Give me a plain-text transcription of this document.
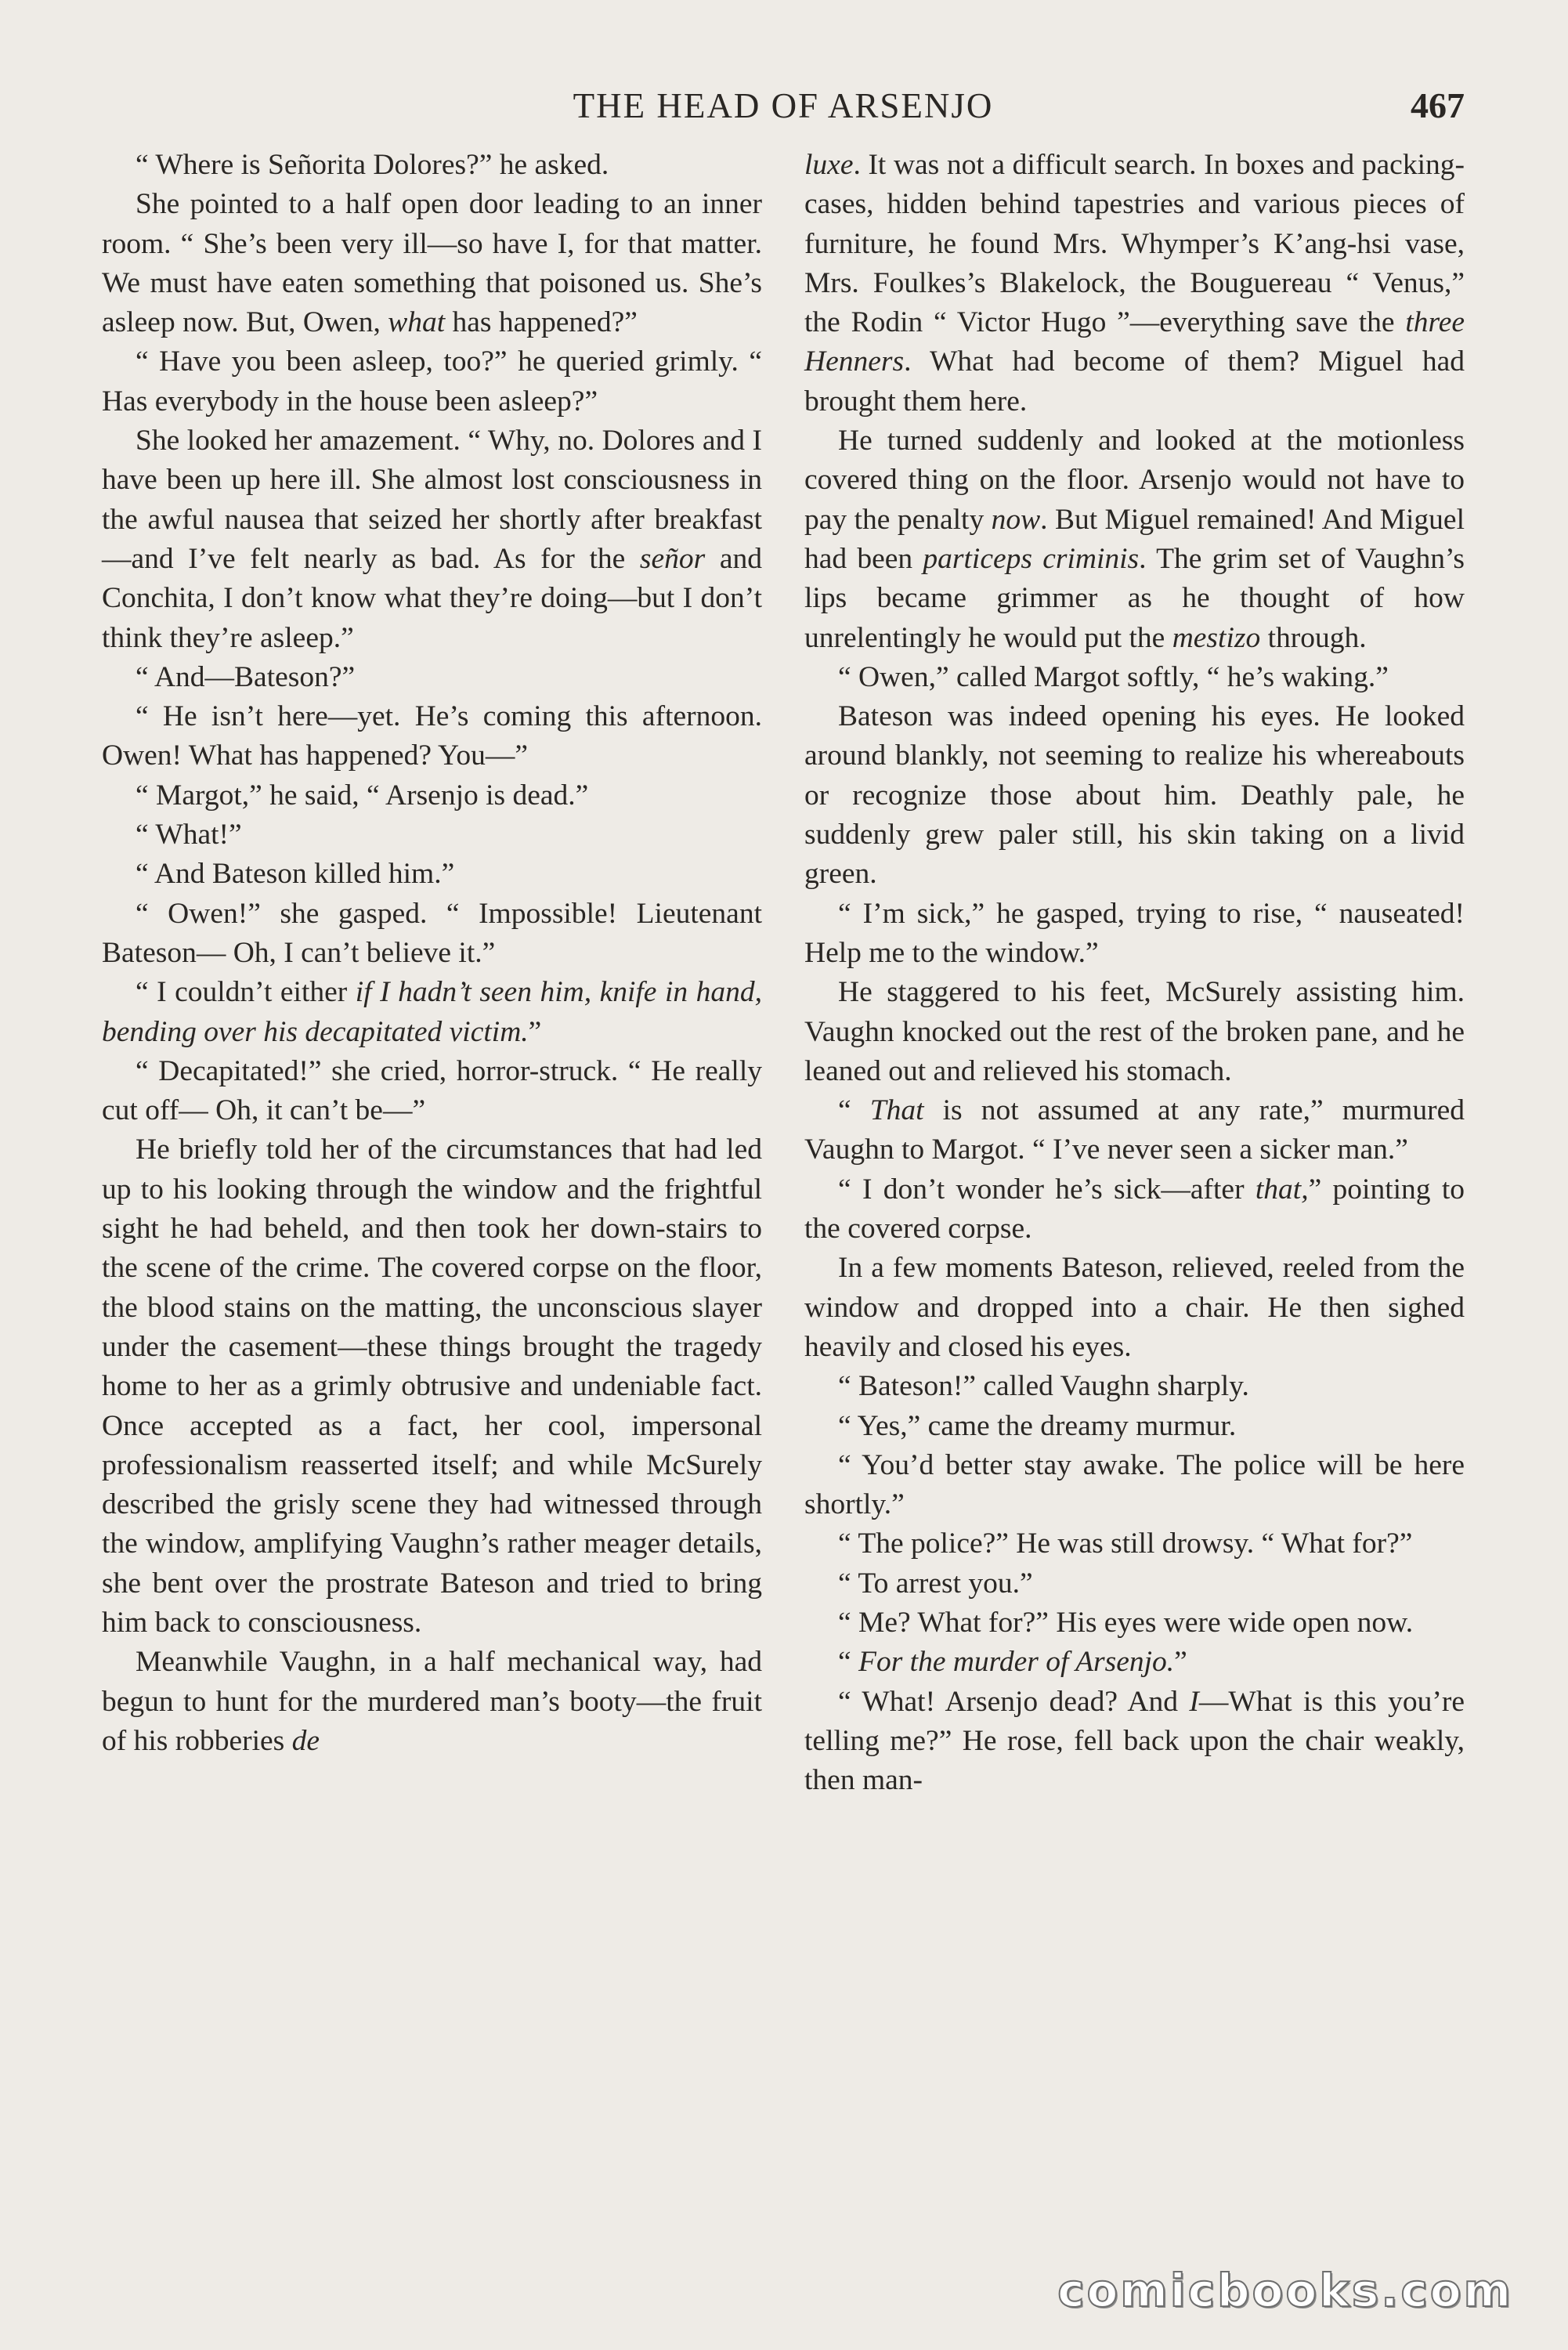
THE HEAD OF ARSENJO	467

“ Where is Señorita Dolores?” he asked.

She pointed to a half open door leading to an inner room. “ She’s been very ill—so have I, for that matter. We must have eaten something that poisoned us. She’s asleep now. But, Owen, what has happened?”

“ Have you been asleep, too?” he queried grimly. “ Has everybody in the house been asleep?”

She looked her amazement. “ Why, no. Dolores and I have been up here ill. She almost lost consciousness in the awful nausea that seized her shortly after breakfast —and I’ve felt nearly as bad. As for the señor and Conchita, I don’t know what they’re doing—but I don’t think they’re asleep.”

“ And—Bateson?”

“ He isn’t here—yet. He’s coming this afternoon. Owen! What has happened? You—”

“ Margot,” he said, “ Arsenjo is dead.”

“ What!”

“ And Bateson killed him.”

“ Owen!” she gasped. “ Impossible! Lieutenant Bateson— Oh, I can’t believe it.”

“ I couldn’t either if I hadn’t seen him, knife in hand, bending over his decapitated victim.”

“ Decapitated!” she cried, horror-struck. “ He really cut off— Oh, it can’t be—”

He briefly told her of the circumstances that had led up to his looking through the window and the frightful sight he had beheld, and then took her down-stairs to the scene of the crime. The covered corpse on the floor, the blood stains on the matting, the unconscious slayer under the casement—these things brought the tragedy home to her as a grimly obtrusive and undeniable fact. Once accepted as a fact, her cool, impersonal professionalism reasserted itself; and while McSurely described the grisly scene they had witnessed through the window, amplifying Vaughn’s rather meager details, she bent over the prostrate Bateson and tried to bring him back to consciousness.

Meanwhile Vaughn, in a half mechanical way, had begun to hunt for the murdered man’s booty—the fruit of his robberies de

luxe. It was not a difficult search. In boxes and packing-cases, hidden behind tapestries and various pieces of furniture, he found Mrs. Whymper’s K’ang-hsi vase, Mrs. Foulkes’s Blakelock, the Bouguereau “ Venus,” the Rodin “ Victor Hugo ”—everything save the three Henners. What had become of them? Miguel had brought them here.

He turned suddenly and looked at the motionless covered thing on the floor. Arsenjo would not have to pay the penalty now. But Miguel remained! And Miguel had been particeps criminis. The grim set of Vaughn’s lips became grimmer as he thought of how unrelentingly he would put the mestizo through.

“ Owen,” called Margot softly, “ he’s waking.”

Bateson was indeed opening his eyes. He looked around blankly, not seeming to realize his whereabouts or recognize those about him. Deathly pale, he suddenly grew paler still, his skin taking on a livid green.

“ I’m sick,” he gasped, trying to rise, “ nauseated! Help me to the window.”

He staggered to his feet, McSurely assisting him. Vaughn knocked out the rest of the broken pane, and he leaned out and relieved his stomach.

“ That is not assumed at any rate,” murmured Vaughn to Margot. “ I’ve never seen a sicker man.”

“ I don’t wonder he’s sick—after that,” pointing to the covered corpse.

In a few moments Bateson, relieved, reeled from the window and dropped into a chair. He then sighed heavily and closed his eyes.

“ Bateson!” called Vaughn sharply.

“ Yes,” came the dreamy murmur.

“ You’d better stay awake. The police will be here shortly.”

“ The police?” He was still drowsy. “ What for?”

“ To arrest you.”

“ Me? What for?” His eyes were wide open now.

“ For the murder of Arsenjo.”

“ What! Arsenjo dead? And I—What is this you’re telling me?” He rose, fell back upon the chair weakly, then man-

comicbooks.com
